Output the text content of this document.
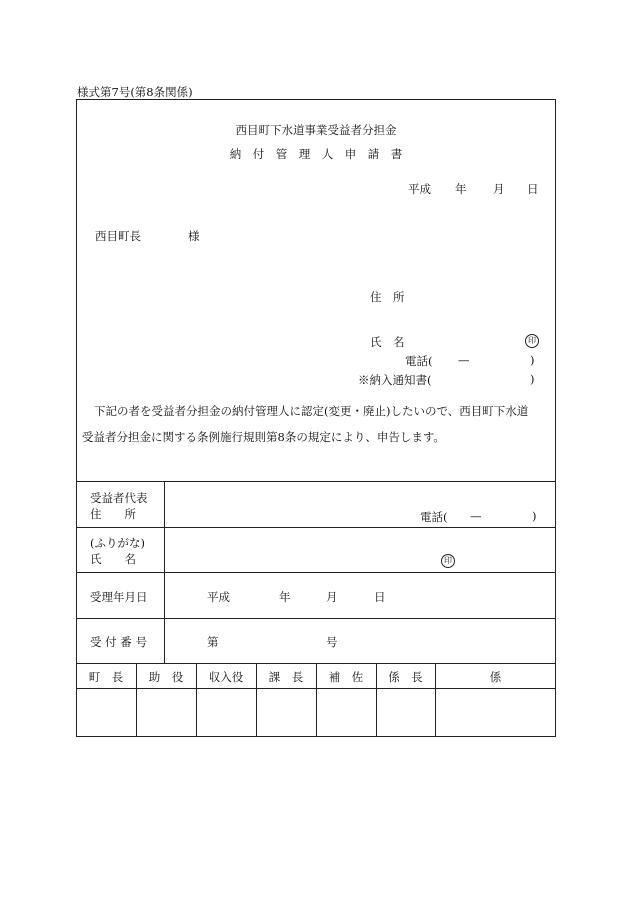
様式第7号(第8条関係)
西目町下水道事業受益者分担金
納　付　管　理　人　申　請　書
平成 年 月 日
西目町長	様
住　所
氏　名	印
電話( —	)
※納入通知書(	)
下記の者を受益者分担金の納付管理人に認定(変更・廃止)したいので、西目町下水道
受益者分担金に関する条例施行規則第8条の規定により、申告します。
受益者代表
住　　所	電話( —	)
(ふりがな)
氏　　名	印
受理年月日	平成	年	月	日
受 付 番 号	第	号
町　長	助　役	収入役	課　長	補　佐	係　長	係
